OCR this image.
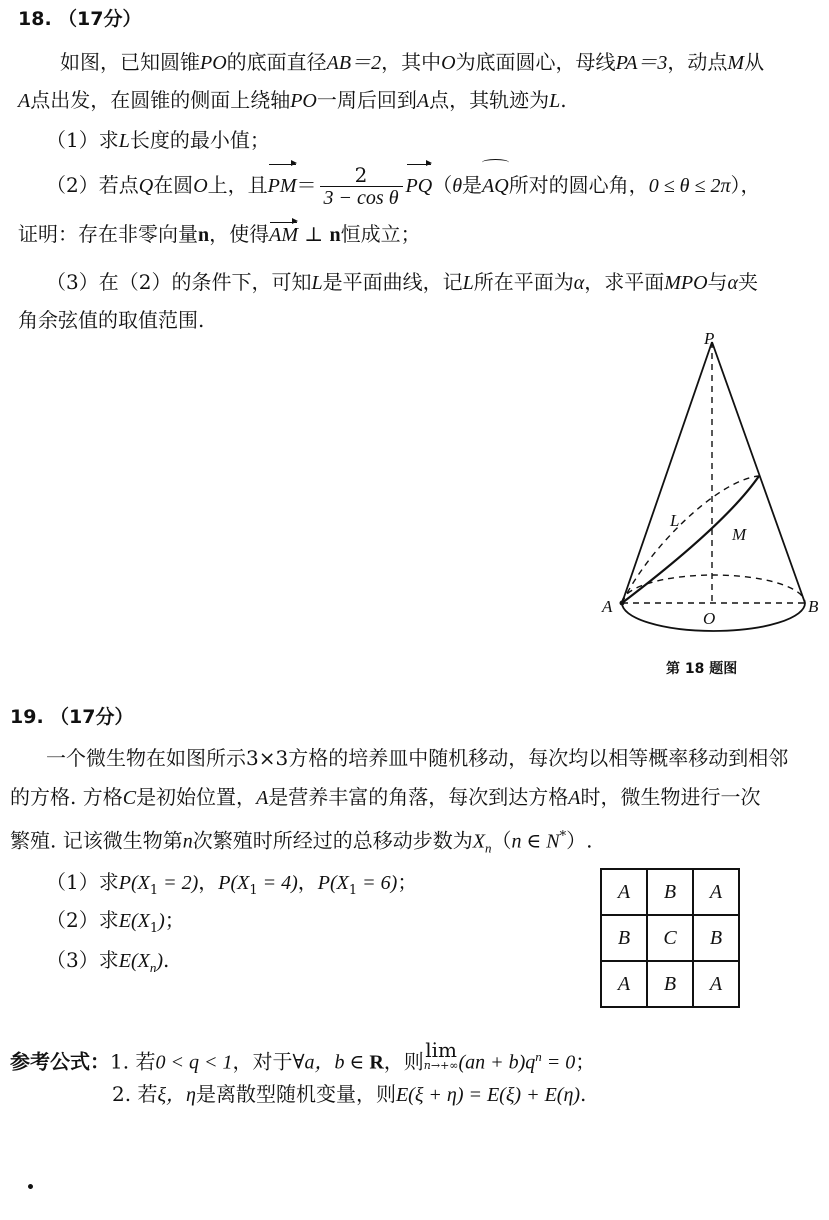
18. （17分）
如图，已知圆锥PO的底面直径AB＝2，其中O为底面圆心，母线PA＝3，动点M从
A点出发，在圆锥的侧面上绕轴PO一周后回到A点，其轨迹为L.
（1）求L长度的最小值；
（2）若点Q在圆O上，且$PM= \frac{2}{\text{3 − cos θ}} PQ(\theta$是AQ所对的圆心角，0 ≤ θ ≤ 2π），
证明：存在非零向量n，使得AM ⊥ n恒成立；
（3）在（2）的条件下，可知L是平面曲线，记L所在平面为α，求平面MPO与α夹
角余弦值的取值范围.
P
L
M
A
O
B
第 18 题图
19. （17分）
一个微生物在如图所示3×3方格的培养皿中随机移动，每次均以相等概率移动到相邻
的方格. 方格C是初始位置，A是营养丰富的角落，每次到达方格A时，微生物进行一次
繁殖. 记该微生物第n次繁殖时所经过的总移动步数为$X_n(n$ ∈ N*）.
（1）求$P(X_1 = 2)$，$P(X_1 = 4)$，$P(X_1 = 6)$；
（2）求$E(X_1)$；
（3）求$E(X_n)$.
A	B	A
B	C	B
A	B	A
参考公式：1. 若0 < q < 1，对于∀a，b ∈ R，则lim
n→+∞ $(an + b)q^n = 0$；
2. 若ξ，η是离散型随机变量，则E(ξ + η) = E(ξ) + E(η).
